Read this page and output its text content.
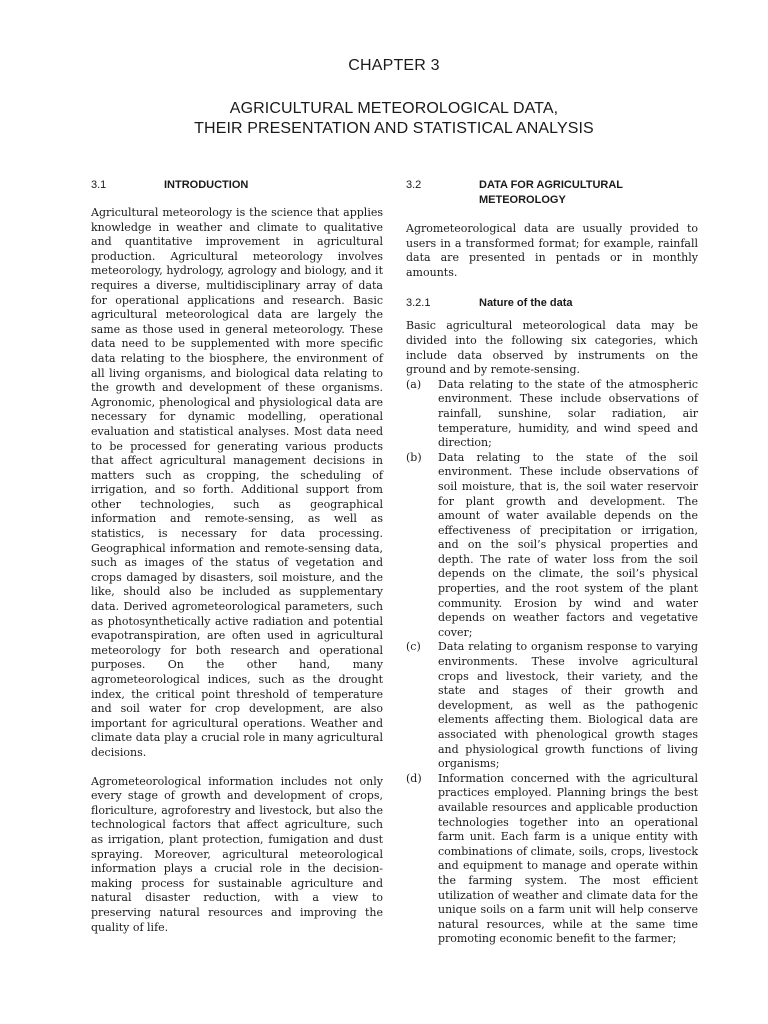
CHAPTER 3
AGRICULTURAL METEOROLOGICAL DATA,
THEIR PRESENTATION AND STATISTICAL ANALYSIS
3.1	INTRODUCTION

Agricultural meteorology is the science that applies knowledge in weather and climate to qualitative and quantitative improvement in agricultural production. Agricultural meteorology involves meteorology, hydrology, agrology and biology, and it requires a diverse, multidisciplinary array of data for operational applications and research. Basic agricultural meteorological data are largely the same as those used in general meteorology. These data need to be supplemented with more specific data relating to the biosphere, the environment of all living organisms, and biological data relating to the growth and development of these organisms. Agronomic, phenological and physiological data are necessary for dynamic modelling, operational evaluation and statistical analyses. Most data need to be processed for generating various products that affect agricultural management decisions in matters such as cropping, the scheduling of irrigation, and so forth. Additional support from other technologies, such as geographical information and remote-sensing, as well as statistics, is necessary for data processing. Geographical information and remote-sensing data, such as images of the status of vegetation and crops damaged by disasters, soil moisture, and the like, should also be included as supplementary data. Derived agrometeorological parameters, such as photosynthetically active radiation and potential evapotranspiration, are often used in agricultural meteorology for both research and operational purposes. On the other hand, many agrometeorological indices, such as the drought index, the critical point threshold of temperature and soil water for crop development, are also important for agricultural operations. Weather and climate data play a crucial role in many agricultural decisions.

Agrometeorological information includes not only every stage of growth and development of crops, floriculture, agroforestry and livestock, but also the technological factors that affect agriculture, such as irrigation, plant protection, fumigation and dust spraying. Moreover, agricultural meteorological information plays a crucial role in the decision-making process for sustainable agriculture and natural disaster reduction, with a view to preserving natural resources and improving the quality of life.

3.2	DATA FOR AGRICULTURAL
METEOROLOGY

Agrometeorological data are usually provided to users in a transformed format; for example, rainfall data are presented in pentads or in monthly amounts.

3.2.1	Nature of the data

Basic agricultural meteorological data may be divided into the following six categories, which include data observed by instruments on the ground and by remote-sensing.

(a)	Data relating to the state of the atmospheric environment. These include observations of rainfall, sunshine, solar radiation, air temperature, humidity, and wind speed and direction;
(b)	Data relating to the state of the soil environment. These include observations of soil moisture, that is, the soil water reservoir for plant growth and development. The amount of water available depends on the effectiveness of precipitation or irrigation, and on the soil’s physical properties and depth. The rate of water loss from the soil depends on the climate, the soil’s physical properties, and the root system of the plant community. Erosion by wind and water depends on weather factors and vegetative cover;
(c)	Data relating to organism response to varying environments. These involve agricultural crops and livestock, their variety, and the state and stages of their growth and development, as well as the pathogenic elements affecting them. Biological data are associated with phenological growth stages and physiological growth functions of living organisms;
(d)	Information concerned with the agricultural practices employed. Planning brings the best available resources and applicable production technologies together into an operational farm unit. Each farm is a unique entity with combinations of climate, soils, crops, livestock and equipment to manage and operate within the farming system. The most efficient utilization of weather and climate data for the unique soils on a farm unit will help conserve natural resources, while at the same time promoting economic benefit to the farmer;
